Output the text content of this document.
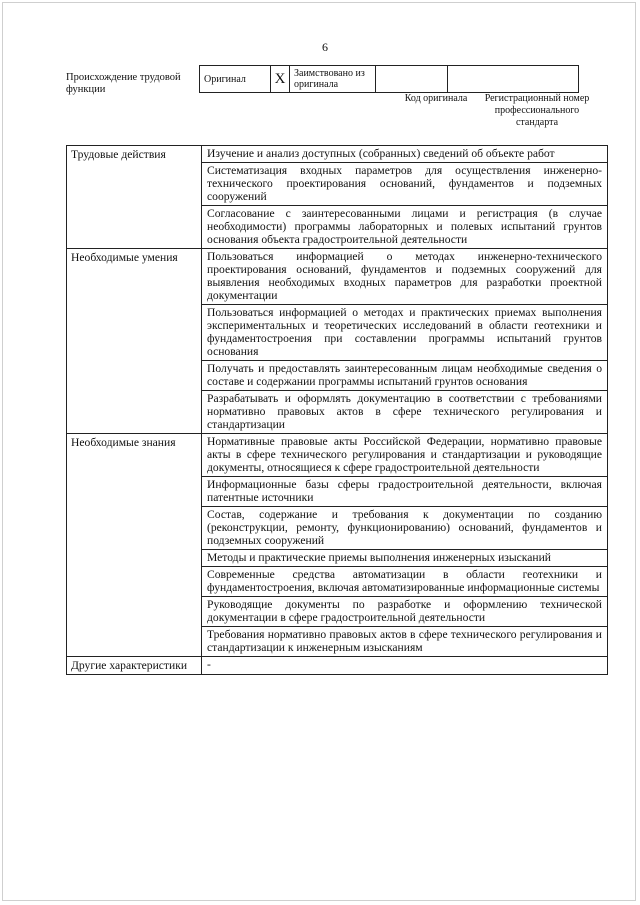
6
Происхождение трудовой функции
Оригинал	X	Заимствовано из оригинала		
Код оригинала	Регистрационный номер профессионального стандарта
Трудовые действия	Изучение и анализ доступных (собранных) сведений об объекте работ
	Систематизация входных параметров для осуществления инженерно-технического проектирования оснований, фундаментов и подземных сооружений
	Согласование с заинтересованными лицами и регистрация (в случае необходимости) программы лабораторных и полевых испытаний грунтов основания объекта градостроительной деятельности
Необходимые умения	Пользоваться информацией о методах инженерно-технического проектирования оснований, фундаментов и подземных сооружений для выявления необходимых входных параметров для разработки проектной документации
	Пользоваться информацией о методах и практических приемах выполнения экспериментальных и теоретических исследований в области геотехники и фундаментостроения при составлении программы испытаний грунтов основания
	Получать и предоставлять заинтересованным лицам необходимые сведения о составе и содержании программы испытаний грунтов основания
	Разрабатывать и оформлять документацию в соответствии с требованиями нормативно правовых актов в сфере технического регулирования и стандартизации
Необходимые знания	Нормативные правовые акты Российской Федерации, нормативно правовые акты в сфере технического регулирования и стандартизации и руководящие документы, относящиеся к сфере градостроительной деятельности
	Информационные базы сферы градостроительной деятельности, включая патентные источники
	Состав, содержание и требования к документации по созданию (реконструкции, ремонту, функционированию) оснований, фундаментов и подземных сооружений
	Методы и практические приемы выполнения инженерных изысканий
	Современные средства автоматизации в области геотехники и фундаментостроения, включая автоматизированные информационные системы
	Руководящие документы по разработке и оформлению технической документации в сфере градостроительной деятельности
	Требования нормативно правовых актов в сфере технического регулирования и стандартизации к инженерным изысканиям
Другие характеристики	-
